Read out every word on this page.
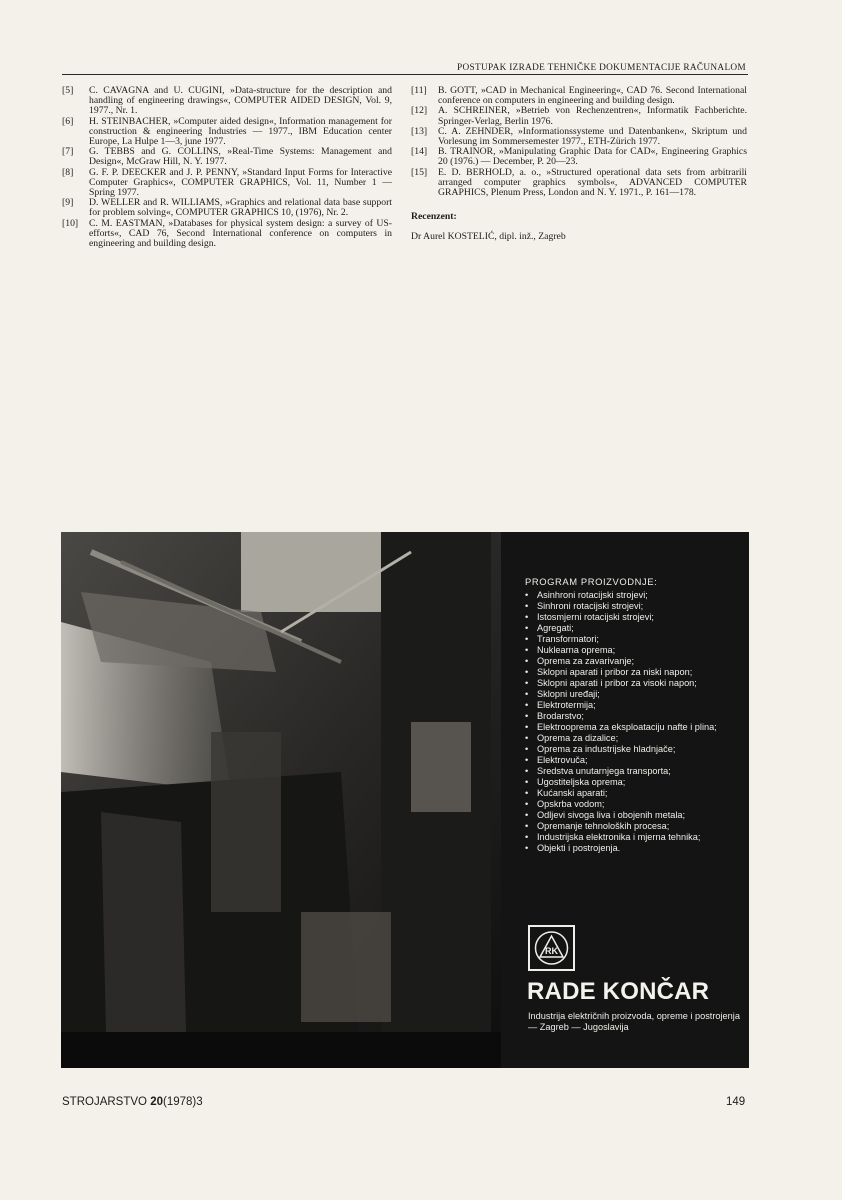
POSTUPAK IZRADE TEHNIČKE DOKUMENTACIJE RAČUNALOM
[5]	C. CAVAGNA and U. CUGINI, »Data-structure for the description and handling of engineering drawings«, COMPUTER AIDED DESIGN, Vol. 9, 1977., Nr. 1.
[6]	H. STEINBACHER, »Computer aided design«, Information management for construction & engineering Industries — 1977., IBM Education center Europe, La Hulpe 1—3, june 1977.
[7]	G. TEBBS and G. COLLINS, »Real-Time Systems: Management and Design«, McGraw Hill, N. Y. 1977.
[8]	G. F. P. DEECKER and J. P. PENNY, »Standard Input Forms for Interactive Computer Graphics«, COMPUTER GRAPHICS, Vol. 11, Number 1 — Spring 1977.
[9]	D. WELLER and R. WILLIAMS, »Graphics and relational data base support for problem solving«, COMPUTER GRAPHICS 10, (1976), Nr. 2.
[10]	C. M. EASTMAN, »Databases for physical system design: a survey of US-efforts«, CAD 76, Second International conference on computers in engineering and building design.
[11]	B. GOTT, »CAD in Mechanical Engineering«, CAD 76. Second International conference on computers in engineering and building design.
[12]	A. SCHREINER, »Betrieb von Rechenzentren«, Informatik Fachberichte. Springer-Verlag, Berlin 1976.
[13]	C. A. ZEHNDER, »Informationssysteme und Datenbanken«, Skriptum und Vorlesung im Sommersemester 1977., ETH-Zürich 1977.
[14]	B. TRAINOR, »Manipulating Graphic Data for CAD«, Engineering Graphics 20 (1976.) — December, P. 20—23.
[15]	E. D. BERHOLD, a. o., »Structured operational data sets from arbitrarili arranged computer graphics symbols«, ADVANCED COMPUTER GRAPHICS, Plenum Press, London and N. Y. 1971., P. 161—178.
Recenzent:
Dr Aurel KOSTELIĆ, dipl. inž., Zagreb
PROGRAM PROIZVODNJE:
• Asinhroni rotacijski strojevi;
• Sinhroni rotacijski strojevi;
• Istosmjerni rotacijski strojevi;
• Agregati;
• Transformatori;
• Nuklearna oprema;
• Oprema za zavarivanje;
• Sklopni aparati i pribor za niski napon;
• Sklopni aparati i pribor za visoki napon;
• Sklopni uređaji;
• Elektrotermija;
• Brodarstvo;
• Elektrooprema za eksploataciju nafte i plina;
• Oprema za dizalice;
• Oprema za industrijske hladnjače;
• Elektrovuča;
• Sredstva unutarnjega transporta;
• Ugostiteljska oprema;
• Kućanski aparati;
• Opskrba vodom;
• Odljevi sivoga liva i obojenih metala;
• Opremanje tehnoloških procesa;
• Industrijska elektronika i mjerna tehnika;
• Objekti i postrojenja.
RK
RADE KONČAR
Industrija električnih proizvoda, opreme i postrojenja — Zagreb — Jugoslavija
STROJARSTVO 20(1978)3	149
